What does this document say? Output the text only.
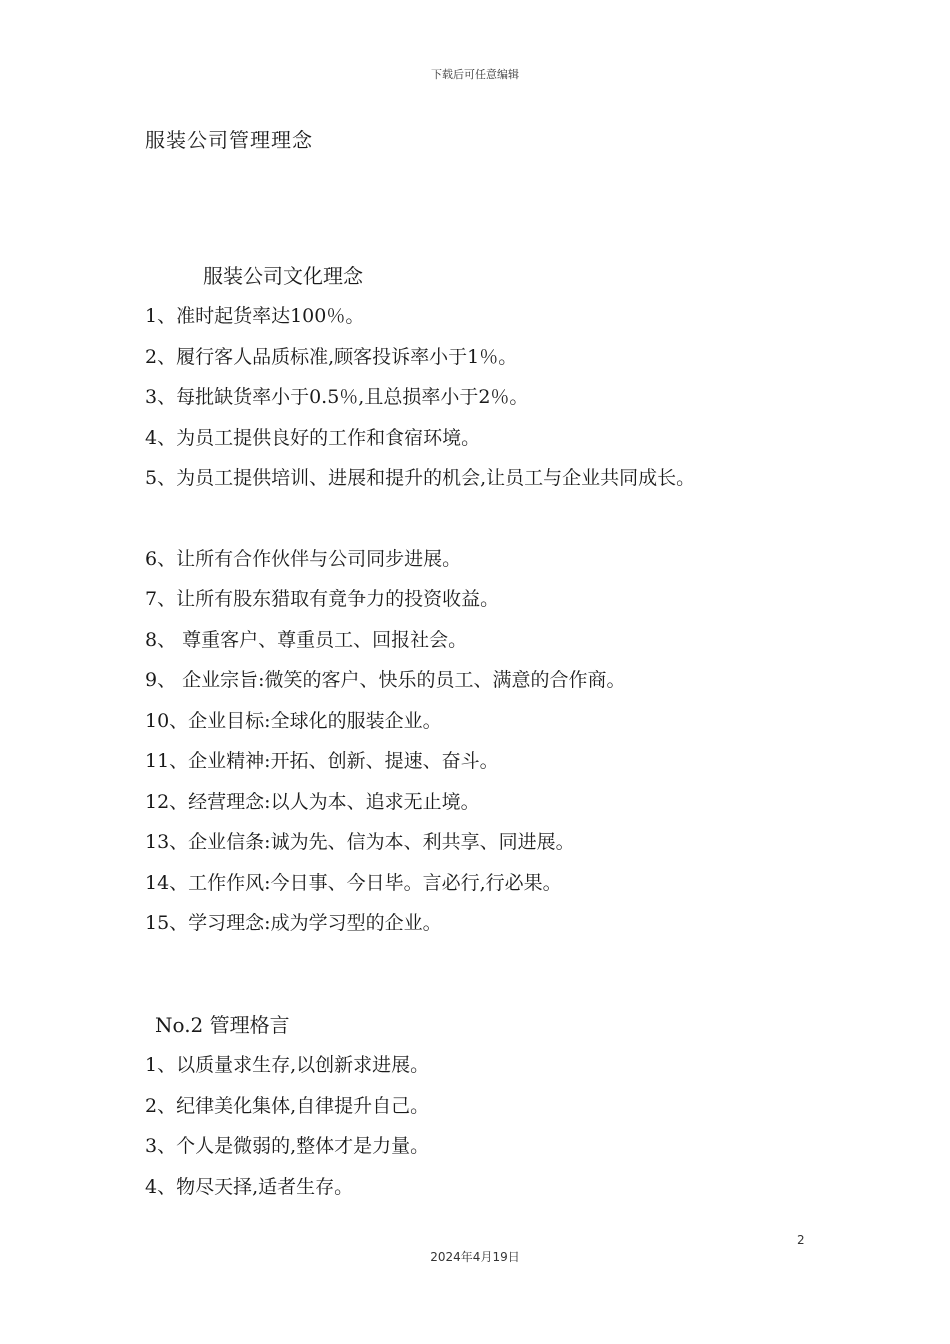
下载后可任意编辑
服装公司管理理念
服装公司文化理念
1、准时起货率达100％。
2、履行客人品质标准,顾客投诉率小于1％。
3、每批缺货率小于0.5％,且总损率小于2％。
4、为员工提供良好的工作和食宿环境。
5、为员工提供培训、进展和提升的机会,让员工与企业共同成长。
6、让所有合作伙伴与公司同步进展。
7、让所有股东猎取有竟争力的投资收益。
8、 尊重客户、尊重员工、回报社会。
9、 企业宗旨:微笑的客户、快乐的员工、满意的合作商。
10、企业目标:全球化的服装企业。
11、企业精神:开拓、创新、提速、奋斗。
12、经营理念:以人为本、追求无止境。
13、企业信条:诚为先、信为本、利共享、同进展。
14、工作作风:今日事、今日毕。言必行,行必果。
15、学习理念:成为学习型的企业。
No.2 管理格言
1、以质量求生存,以创新求进展。
2、纪律美化集体,自律提升自己。
3、个人是微弱的,整体才是力量。
4、物尽天择,适者生存。
2
2024年4月19日
